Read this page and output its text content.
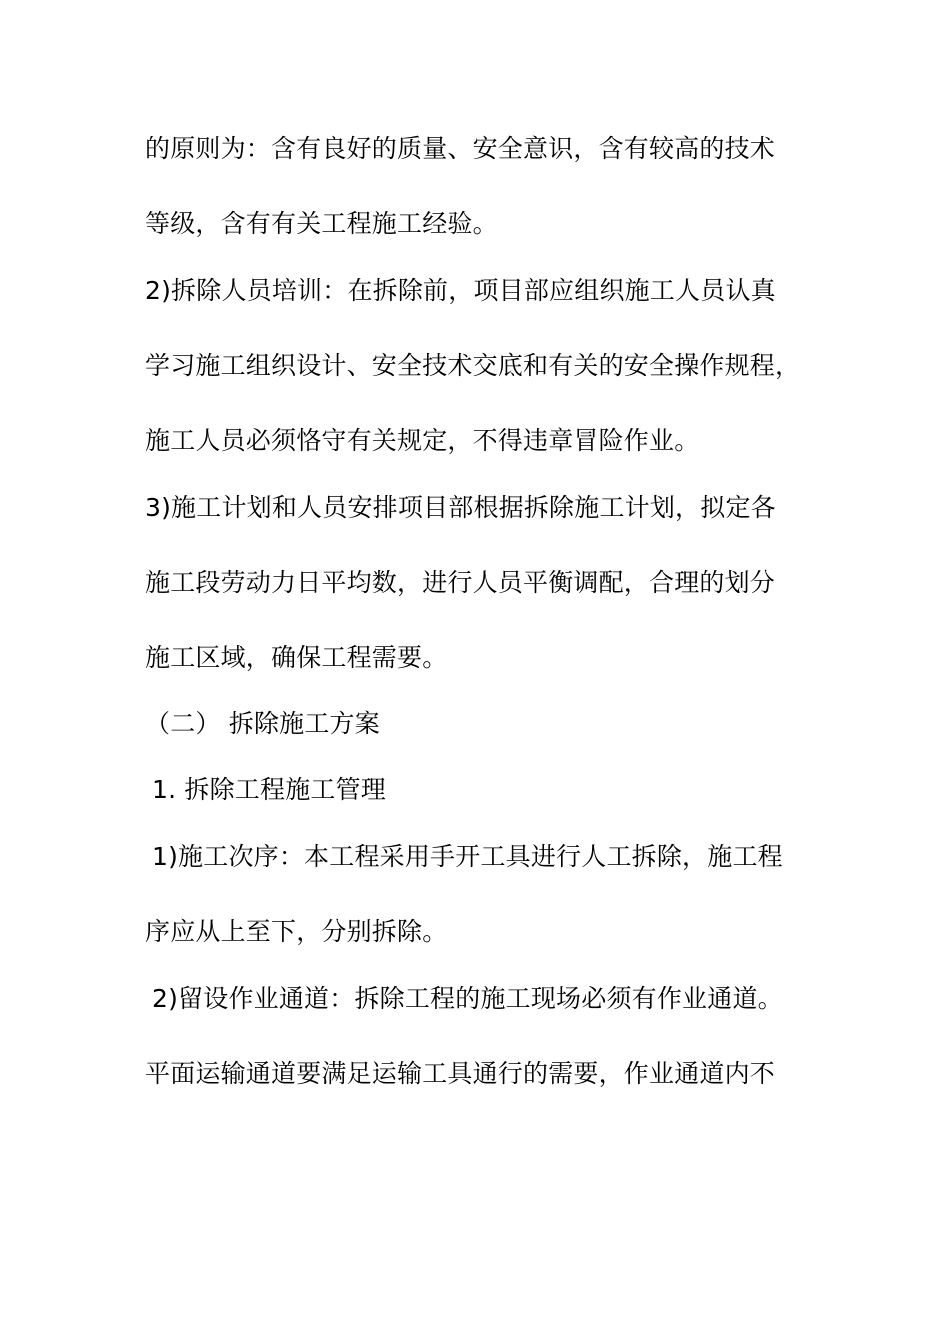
的原则为：含有良好的质量、安全意识，含有较高的技术
等级，含有有关工程施工经验。
2)拆除人员培训：在拆除前，项目部应组织施工人员认真
学习施工组织设计、安全技术交底和有关的安全操作规程，
施工人员必须恪守有关规定，不得违章冒险作业。
3)施工计划和人员安排项目部根据拆除施工计划，拟定各
施工段劳动力日平均数，进行人员平衡调配，合理的划分
施工区域，确保工程需要。
（二） 拆除施工方案
1. 拆除工程施工管理
1)施工次序：本工程采用手开工具进行人工拆除，施工程
序应从上至下，分别拆除。
2)留设作业通道：拆除工程的施工现场必须有作业通道。
平面运输通道要满足运输工具通行的需要，作业通道内不
